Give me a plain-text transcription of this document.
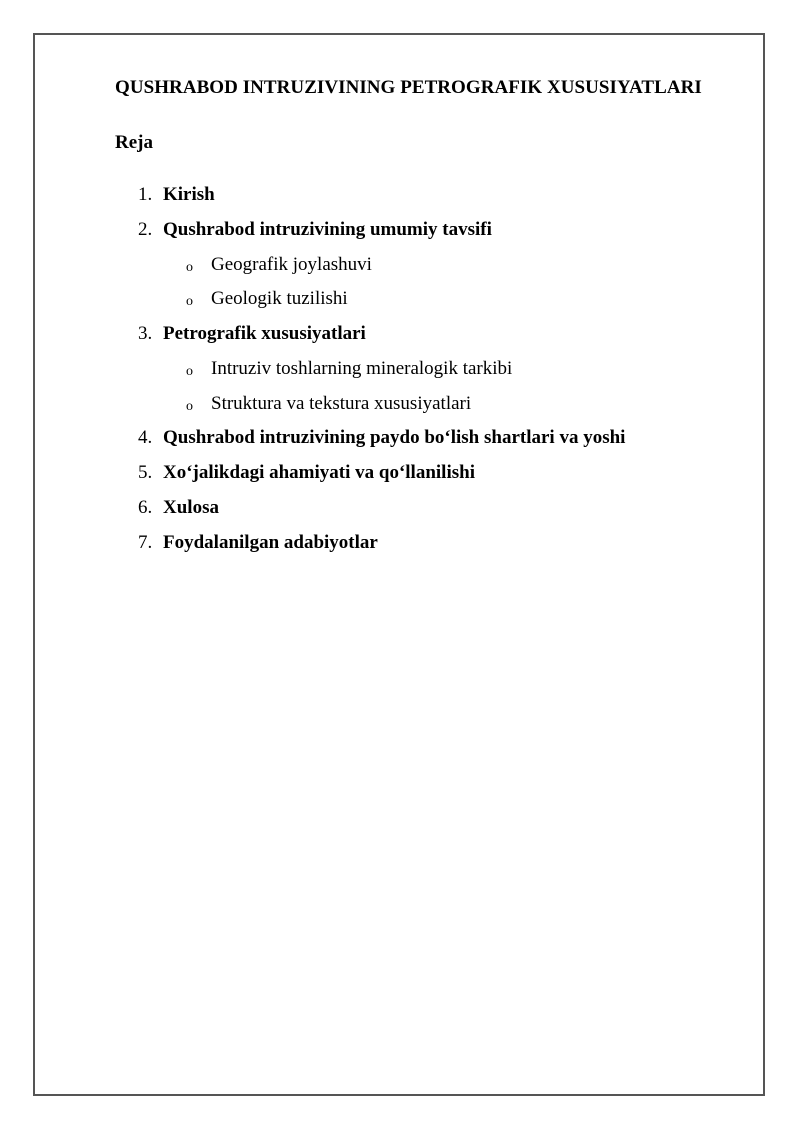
QUSHRABOD INTRUZIVINING PETROGRAFIK XUSUSIYATLARI
Reja
1. Kirish
2. Qushrabod intruzivining umumiy tavsifi
o Geografik joylashuvi
o Geologik tuzilishi
3. Petrografik xususiyatlari
o Intruziv toshlarning mineralogik tarkibi
o Struktura va tekstura xususiyatlari
4. Qushrabod intruzivining paydo bo‘lish shartlari va yoshi
5. Xo‘jalikdagi ahamiyati va qo‘llanilishi
6. Xulosa
7. Foydalanilgan adabiyotlar
